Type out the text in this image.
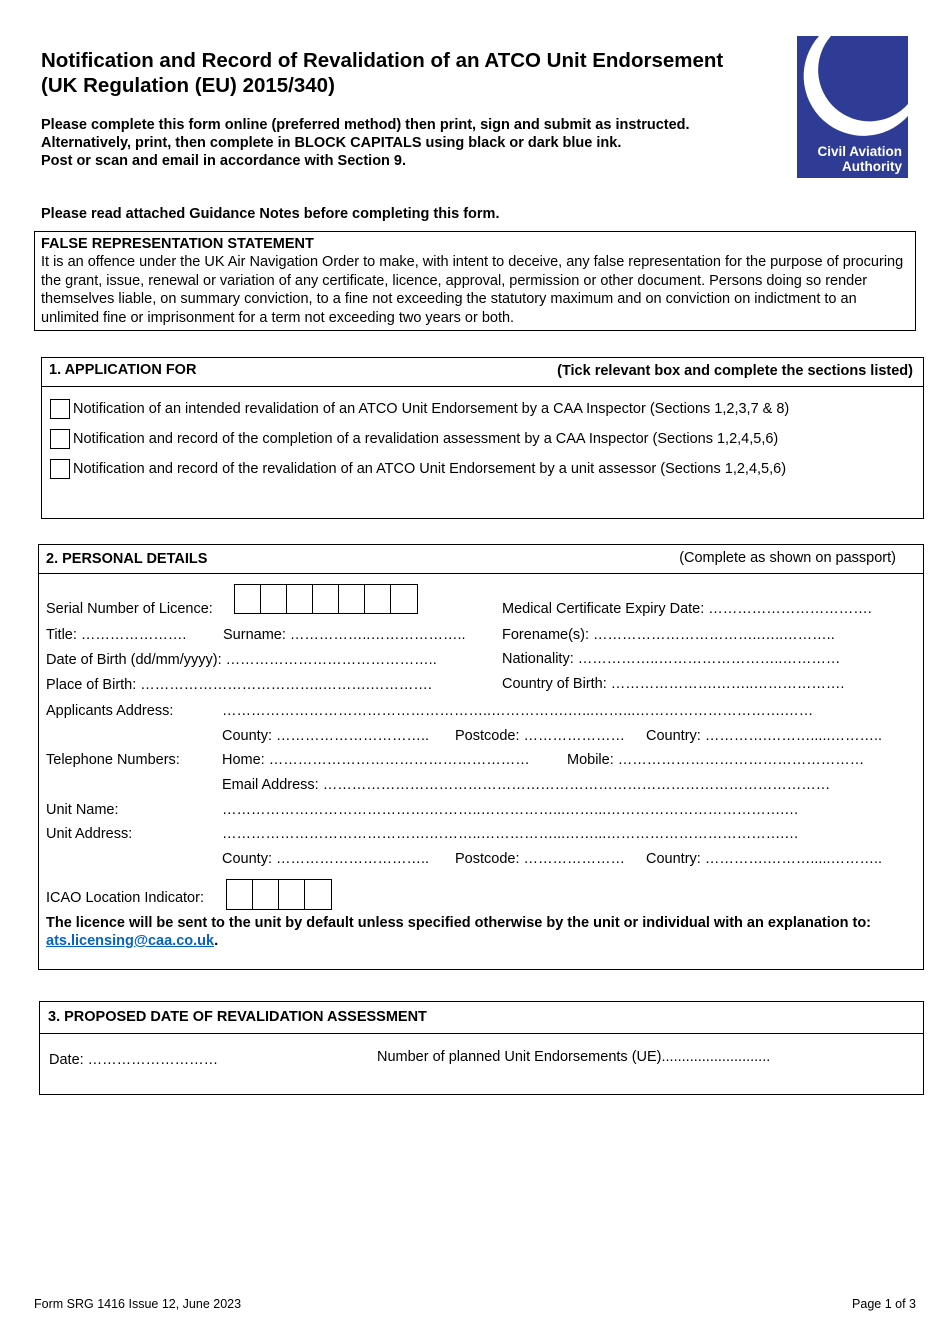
Notification and Record of Revalidation of an ATCO Unit Endorsement (UK Regulation (EU) 2015/340)
Please complete this form online (preferred method) then print, sign and submit as instructed.
Alternatively, print, then complete in BLOCK CAPITALS using black or dark blue ink.
Post or scan and email in accordance with Section 9.
Civil Aviation
Authority
Please read attached Guidance Notes before completing this form.
FALSE REPRESENTATION STATEMENT
It is an offence under the UK Air Navigation Order to make, with intent to deceive, any false representation for the purpose of procuring the grant, issue, renewal or variation of any certificate, licence, approval, permission or other document. Persons doing so render themselves liable, on summary conviction, to a fine not exceeding the statutory maximum and on conviction on indictment to an unlimited fine or imprisonment for a term not exceeding two years or both.
1. APPLICATION FOR	(Tick relevant box and complete the sections listed)
Notification of an intended revalidation of an ATCO Unit Endorsement by a CAA Inspector (Sections 1,2,3,7 & 8)
Notification and record of the completion of a revalidation assessment by a CAA Inspector (Sections 1,2,4,5,6)
Notification and record of the revalidation of an ATCO Unit Endorsement by a unit assessor (Sections 1,2,4,5,6)
2. PERSONAL DETAILS	(Complete as shown on passport)
Serial Number of Licence:	Medical Certificate Expiry Date: …………………………….
Title: ………………….	Surname: ……………..………………..	Forename(s): ……………………………..…..………..
Date of Birth (dd/mm/yyyy): ……………………………………..	Nationality: ……………..……………………..…………
Place of Birth: ………………………………..……….………….	Country of Birth: ………………….……..……………….
Applicants Address:	………………………………………………..…………….…...……...………………………….……
County: ………………………….. Postcode: ………………… Country: ………….……….....………..
Telephone Numbers:	Home: ………………………………………………	Mobile: ……………………………………………
Email Address: ……………………………………………………………………………………………
Unit Name:	…………………………………….………..……………...……...……………………………….…
Unit Address:	…………………………………….………..……………...……...……………………………….…
County: ………………………….. Postcode: ………………… Country: ………….……….....………..
ICAO Location Indicator:
The licence will be sent to the unit by default unless specified otherwise by the unit or individual with an explanation to: ats.licensing@caa.co.uk.
3. PROPOSED DATE OF REVALIDATION ASSESSMENT
Date: ………………………	Number of planned Unit Endorsements (UE)...........................
Form SRG 1416 Issue 12, June 2023	Page 1 of 3
